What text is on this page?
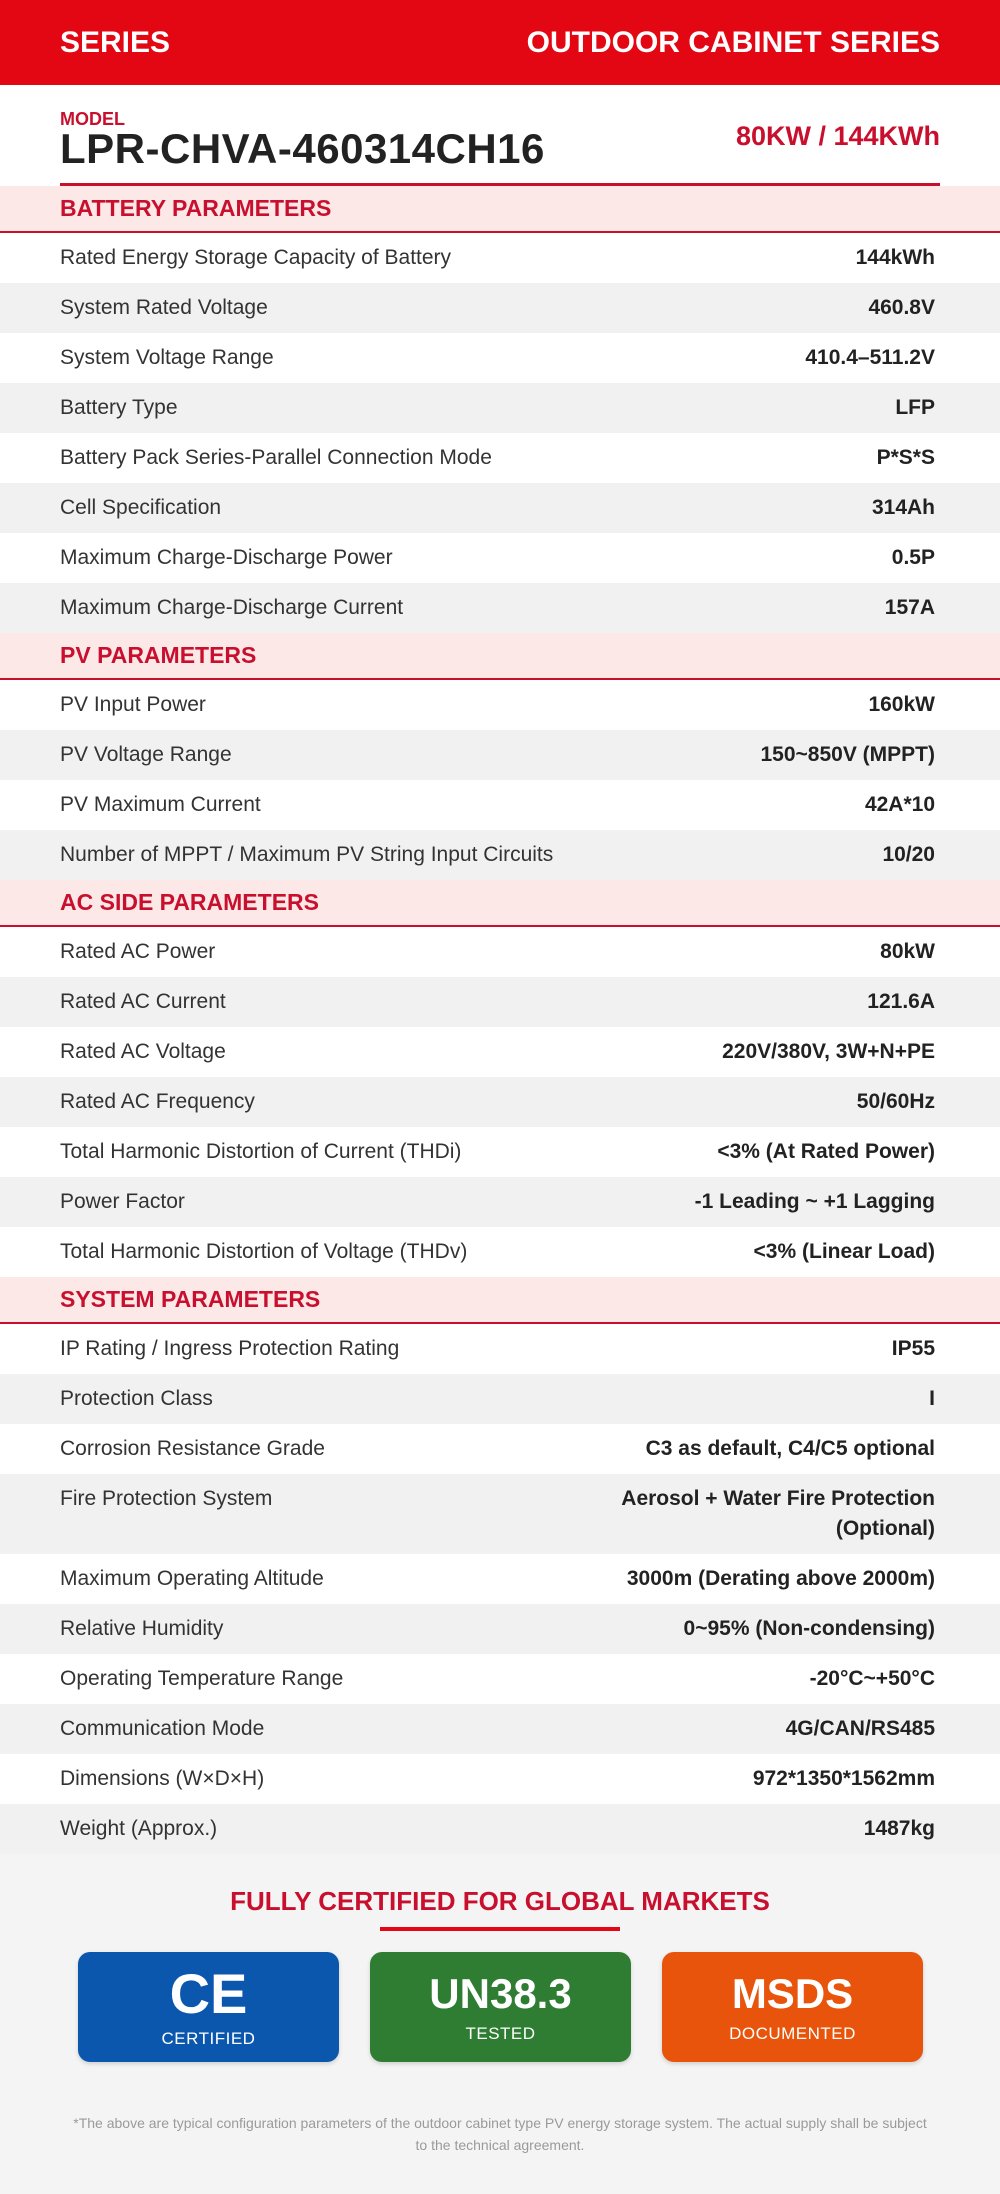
SERIES	OUTDOOR CABINET SERIES
MODEL
LPR-CHVA-460314CH16	80KW / 144KWh
BATTERY PARAMETERS
Rated Energy Storage Capacity of Battery	144kWh
System Rated Voltage	460.8V
System Voltage Range	410.4–511.2V
Battery Type	LFP
Battery Pack Series-Parallel Connection Mode	P*S*S
Cell Specification	314Ah
Maximum Charge-Discharge Power	0.5P
Maximum Charge-Discharge Current	157A
PV PARAMETERS
PV Input Power	160kW
PV Voltage Range	150~850V (MPPT)
PV Maximum Current	42A*10
Number of MPPT / Maximum PV String Input Circuits	10/20
AC SIDE PARAMETERS
Rated AC Power	80kW
Rated AC Current	121.6A
Rated AC Voltage	220V/380V, 3W+N+PE
Rated AC Frequency	50/60Hz
Total Harmonic Distortion of Current (THDi)	<3% (At Rated Power)
Power Factor	-1 Leading ~ +1 Lagging
Total Harmonic Distortion of Voltage (THDv)	<3% (Linear Load)
SYSTEM PARAMETERS
IP Rating / Ingress Protection Rating	IP55
Protection Class	I
Corrosion Resistance Grade	C3 as default, C4/C5 optional
Fire Protection System	Aerosol + Water Fire Protection (Optional)
Maximum Operating Altitude	3000m (Derating above 2000m)
Relative Humidity	0~95% (Non-condensing)
Operating Temperature Range	-20°C~+50°C
Communication Mode	4G/CAN/RS485
Dimensions (W×D×H)	972*1350*1562mm
Weight (Approx.)	1487kg
FULLY CERTIFIED FOR GLOBAL MARKETS
CE
CERTIFIED
UN38.3
TESTED
MSDS
DOCUMENTED
*The above are typical configuration parameters of the outdoor cabinet type PV energy storage system. The actual supply shall be subject to the technical agreement.
